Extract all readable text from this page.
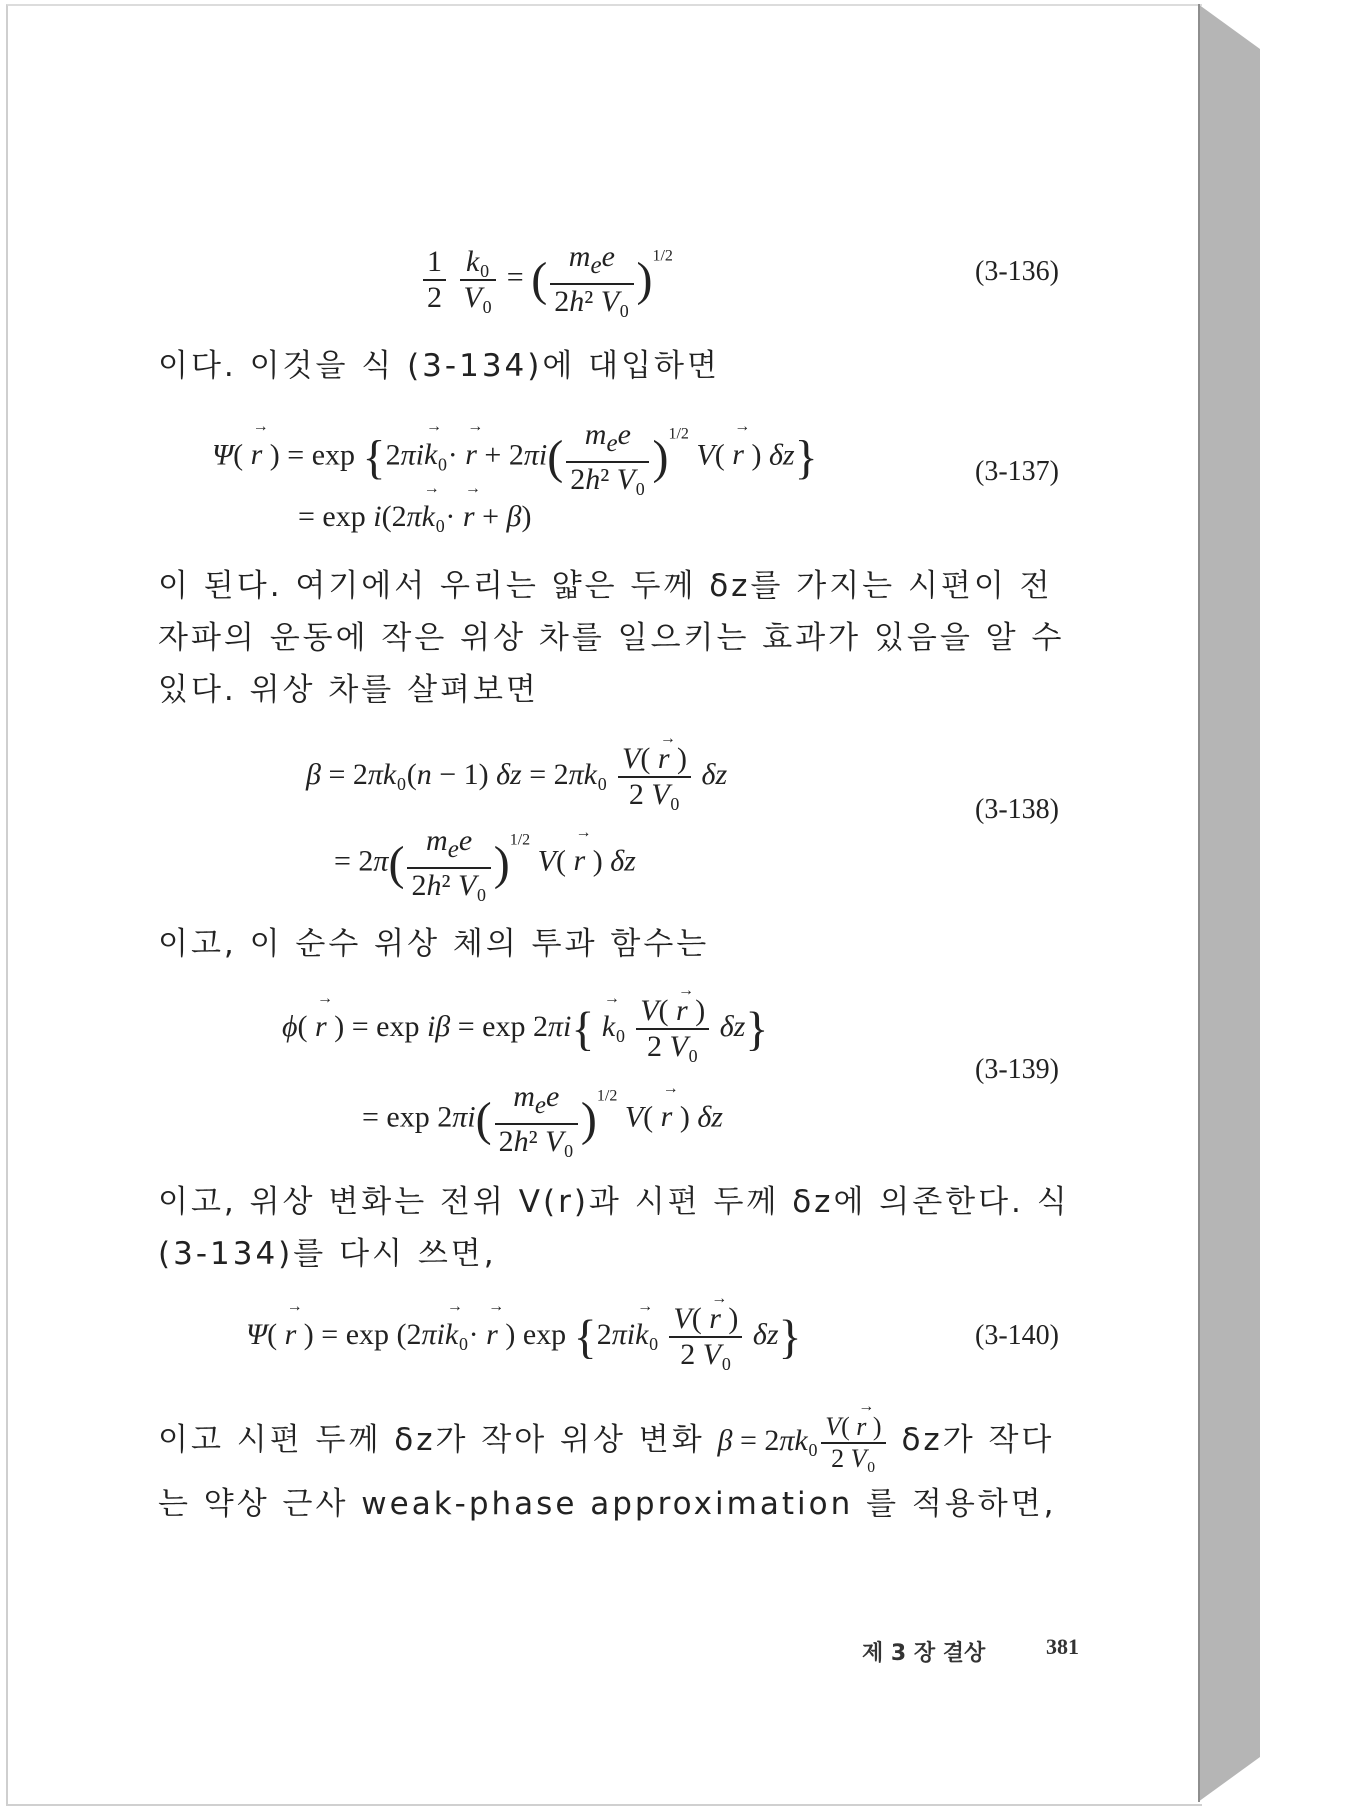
$\frac{1}{2}$
$\frac{\text{k₀}}{\text{V₀}}$ = ( $\frac{m_ee}{\text{2h² V₀}} )^{1/2}$
(3-136)
이다. 이것을 식 (3-134)에 대입하면
Ψ( → r ) = $\exp \{2\pi i\to k_0\cdot \to r + 2\pi i( \frac{m_ee}{\text{2h² V₀}} )^{1/2}$ V( → r ) δz}
= exp i(2π→ k₀· → r + β)
(3-137)
이 된다. 여기에서 우리는 얇은 두께 δz를 가지는 시편이 전자파의 운동에 작은 위상 차를 일으키는 효과가 있음을 알 수 있다. 위상 차를 살펴보면
β = 2πk₀(n − 1) $\delta z = 2\pi k_0 \frac{V( \to r )}{\text{2 V₀}}$ δz
= $2\pi( \frac{m_ee}{\text{2h² V₀}} )^{1/2}$ V( → r ) δz
(3-138)
이고, 이 순수 위상 체의 투과 함수는
ϕ( → r ) = $\exp i\beta = \exp 2\pi i\{ \to k_0 \frac{V( \to r )}{\text{2 V₀}} \delta z\}$
= $\exp 2\pi i( \frac{m_ee}{\text{2h² V₀}} )^{1/2}$ V( → r ) δz
(3-139)
이고, 위상 변화는 전위 V(r)과 시편 두께 δz에 의존한다. 식 (3-134)를 다시 쓰면,
Ψ( → r ) = exp (2πi→ k₀· → r ) $\exp \{2\pi i\to k_0 \frac{V( \to r )}{\text{2 V₀}} \delta z\}$	(3-140)
이고 시편 두께 δz가 작아 위상 변화 $\beta = 2\pi k_0 \frac{V( \to r )}{\text{2 V₀}}$ δz가 작다
는 약상 근사 weak-phase approximation 를 적용하면,
제 3 장 결상	381
